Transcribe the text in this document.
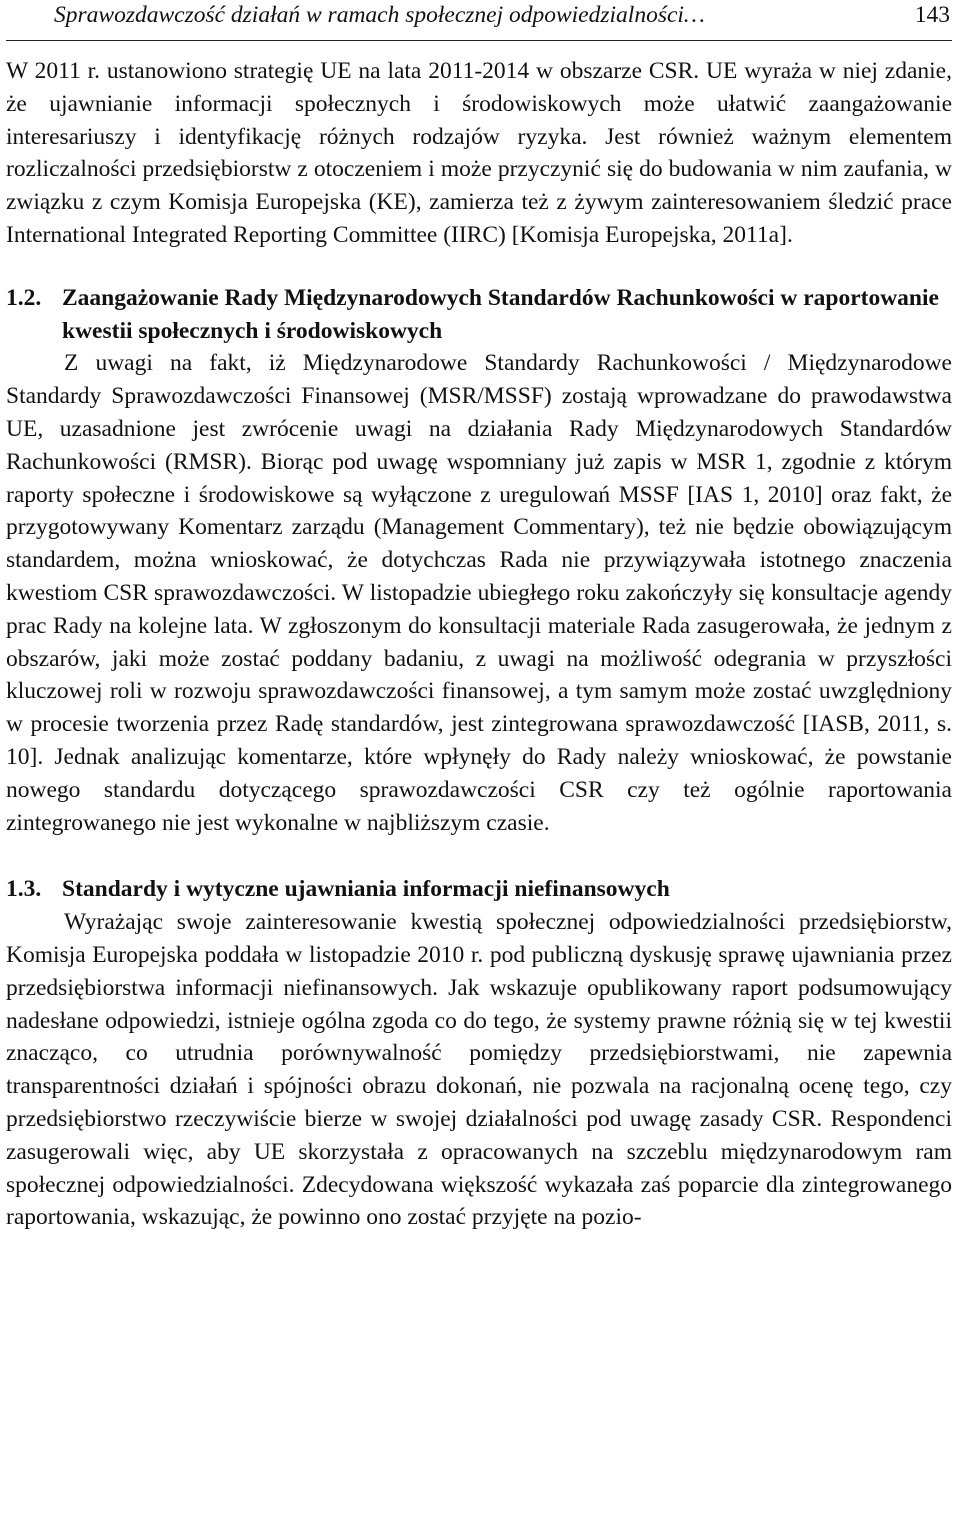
Sprawozdawczość działań w ramach społecznej odpowiedzialności…	143

W 2011 r. ustanowiono strategię UE na lata 2011-2014 w obszarze CSR. UE wyraża w niej zdanie, że ujawnianie informacji społecznych i środowiskowych może ułatwić zaangażowanie interesariuszy i identyfikację różnych rodzajów ryzyka. Jest również ważnym elementem rozliczalności przedsiębiorstw z otoczeniem i może przyczynić się do budowania w nim zaufania, w związku z czym Komisja Europejska (KE), zamierza też z żywym zainteresowaniem śledzić prace International Integrated Reporting Committee (IIRC) [Komisja Europejska, 2011a].

1.2. Zaangażowanie Rady Międzynarodowych Standardów Rachunkowości w raportowanie kwestii społecznych i środowiskowych

Z uwagi na fakt, iż Międzynarodowe Standardy Rachunkowości / Międzynarodowe Standardy Sprawozdawczości Finansowej (MSR/MSSF) zostają wprowadzane do prawodawstwa UE, uzasadnione jest zwrócenie uwagi na działania Rady Międzynarodowych Standardów Rachunkowości (RMSR). Biorąc pod uwagę wspomniany już zapis w MSR 1, zgodnie z którym raporty społeczne i środowiskowe są wyłączone z uregulowań MSSF [IAS 1, 2010] oraz fakt, że przygotowywany Komentarz zarządu (Management Commentary), też nie będzie obowiązującym standardem, można wnioskować, że dotychczas Rada nie przywiązywała istotnego znaczenia kwestiom CSR sprawozdawczości. W listopadzie ubiegłego roku zakończyły się konsultacje agendy prac Rady na kolejne lata. W zgłoszonym do konsultacji materiale Rada zasugerowała, że jednym z obszarów, jaki może zostać poddany badaniu, z uwagi na możliwość odegrania w przyszłości kluczowej roli w rozwoju sprawozdawczości finansowej, a tym samym może zostać uwzględniony w procesie tworzenia przez Radę standardów, jest zintegrowana sprawozdawczość [IASB, 2011, s. 10]. Jednak analizując komentarze, które wpłynęły do Rady należy wnioskować, że powstanie nowego standardu dotyczącego sprawozdawczości CSR czy też ogólnie raportowania zintegrowanego nie jest wykonalne w najbliższym czasie.

1.3. Standardy i wytyczne ujawniania informacji niefinansowych

Wyrażając swoje zainteresowanie kwestią społecznej odpowiedzialności przedsiębiorstw, Komisja Europejska poddała w listopadzie 2010 r. pod publiczną dyskusję sprawę ujawniania przez przedsiębiorstwa informacji niefinansowych. Jak wskazuje opublikowany raport podsumowujący nadesłane odpowiedzi, istnieje ogólna zgoda co do tego, że systemy prawne różnią się w tej kwestii znacząco, co utrudnia porównywalność pomiędzy przedsiębiorstwami, nie zapewnia transparentności działań i spójności obrazu dokonań, nie pozwala na racjonalną ocenę tego, czy przedsiębiorstwo rzeczywiście bierze w swojej działalności pod uwagę zasady CSR. Respondenci zasugerowali więc, aby UE skorzystała z opracowanych na szczeblu międzynarodowym ram społecznej odpowiedzialności. Zdecydowana większość wykazała zaś poparcie dla zintegrowanego raportowania, wskazując, że powinno ono zostać przyjęte na pozio-
